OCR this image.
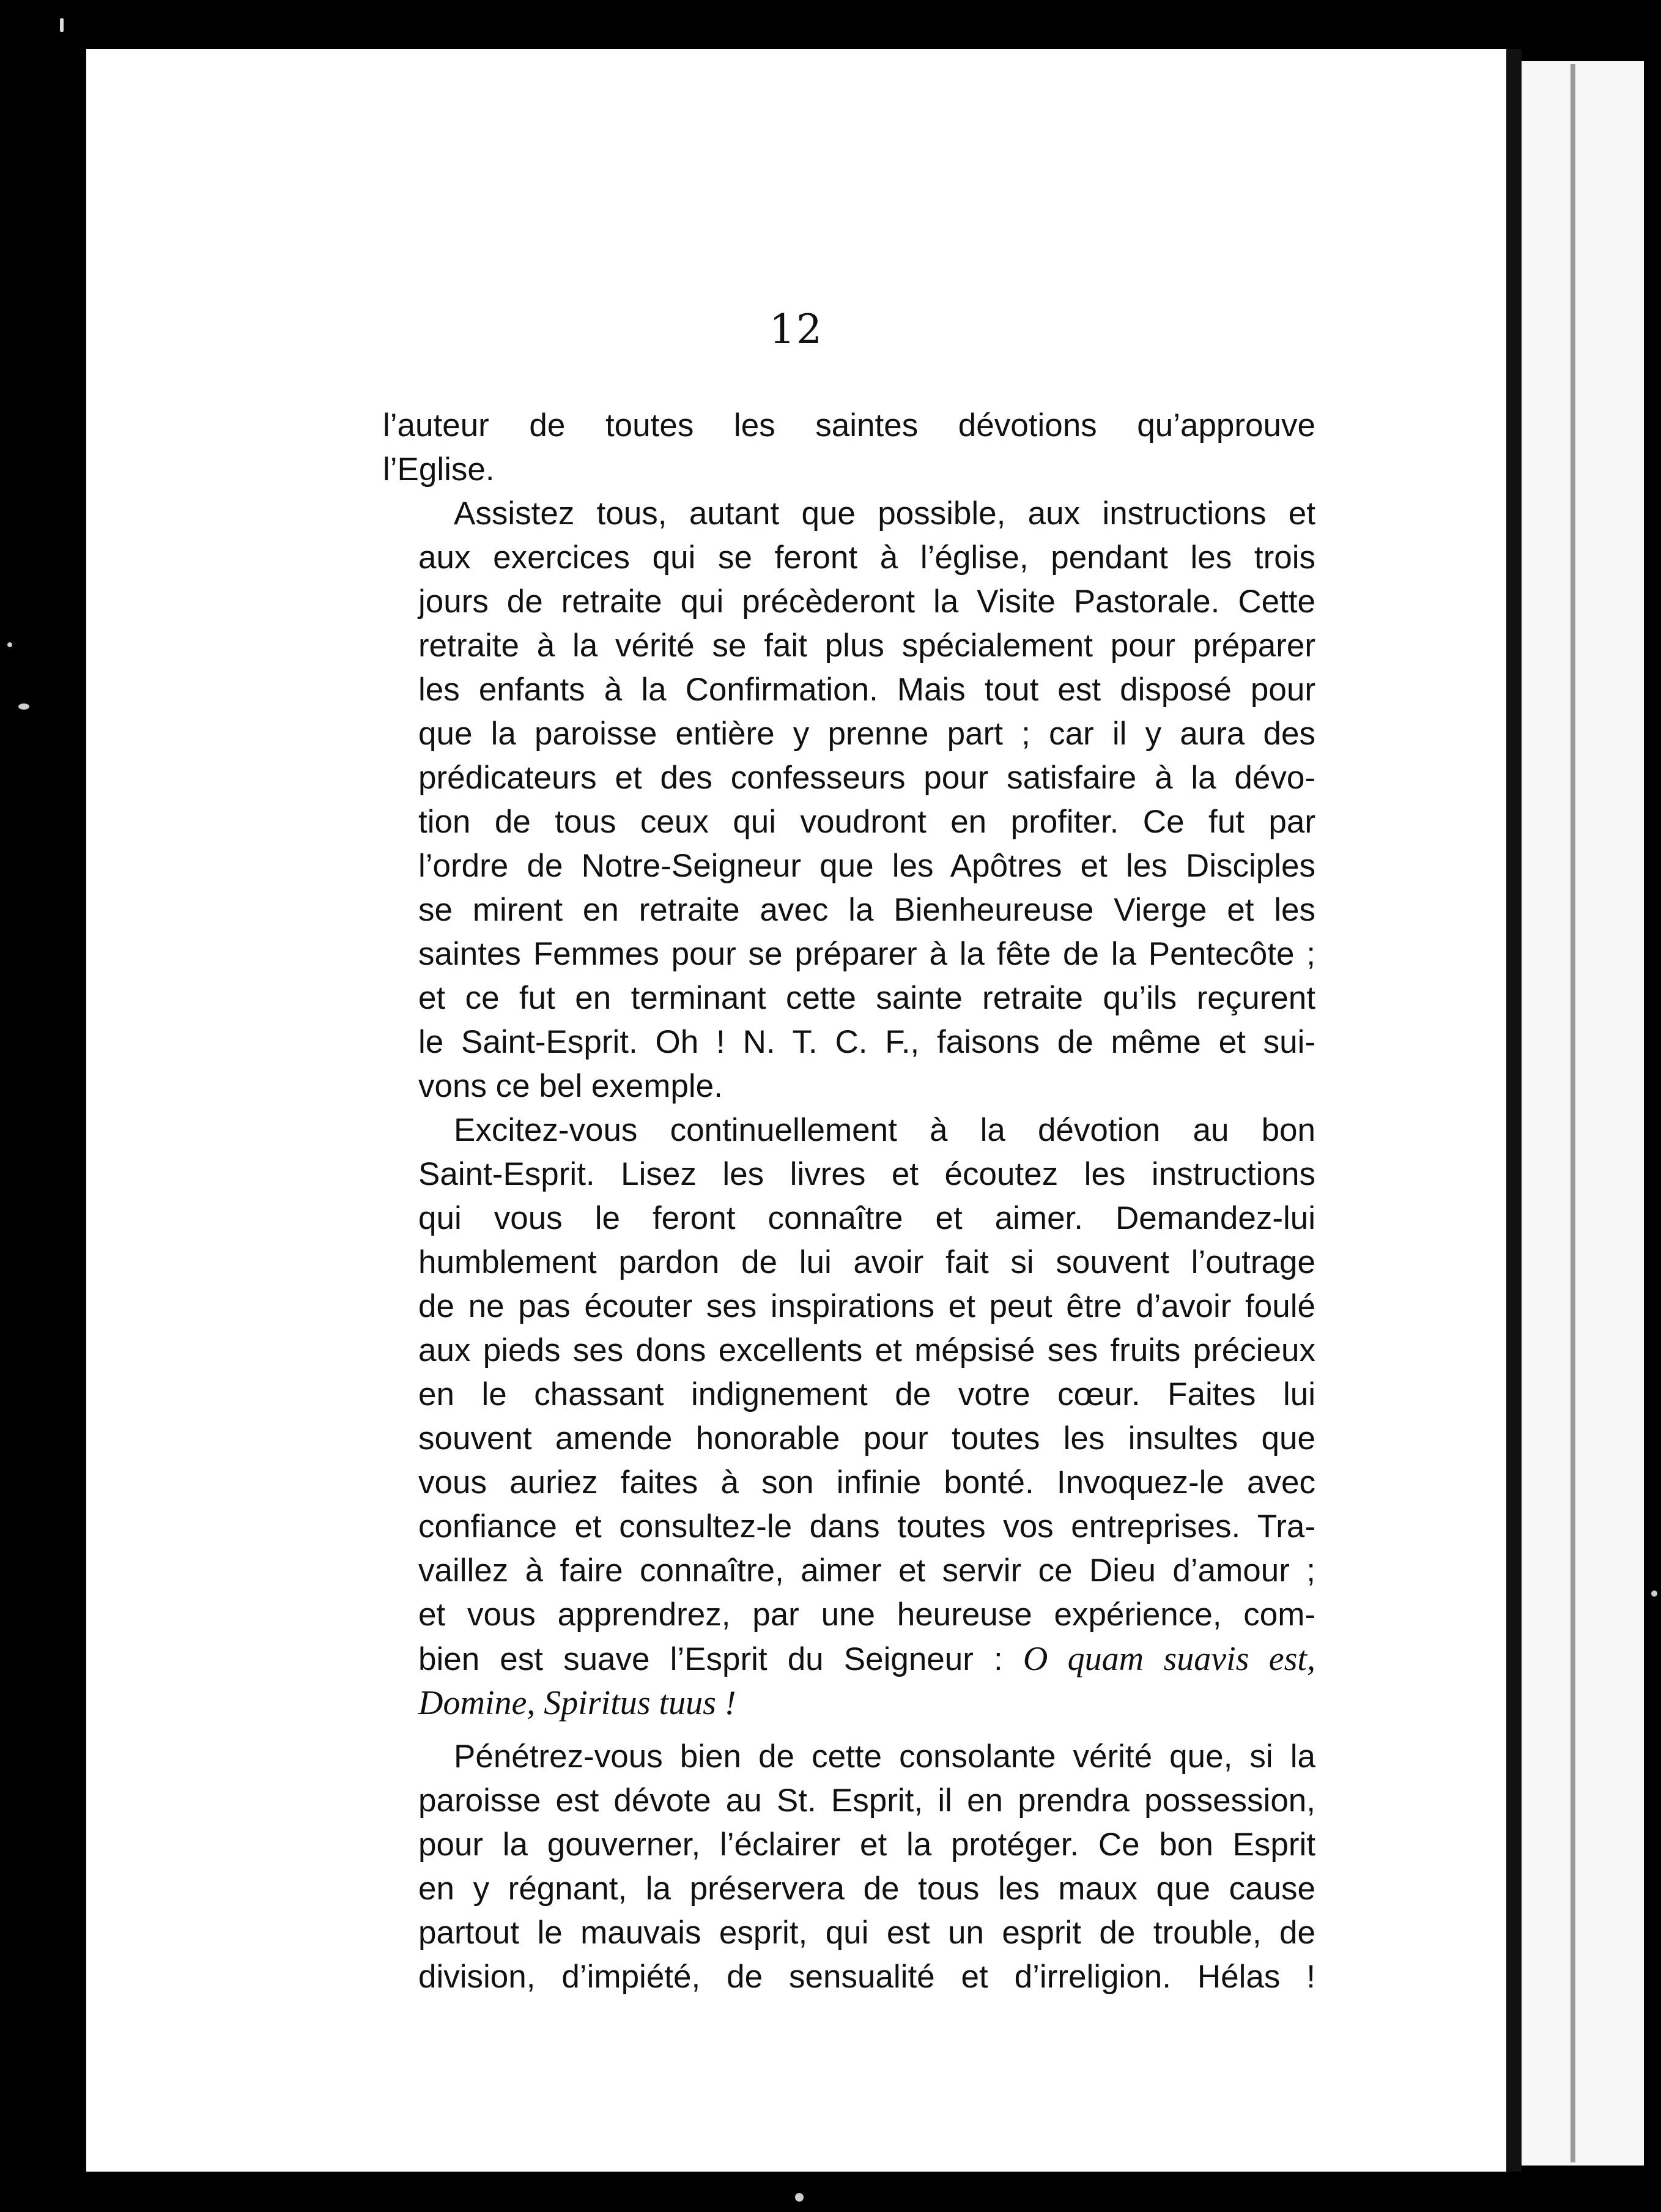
12

l’auteur de toutes les saintes dévotions qu’approuve
l’Eglise.

Assistez tous, autant que possible, aux instructions et
aux exercices qui se feront à l’église, pendant les trois
jours de retraite qui précèderont la Visite Pastorale. Cette
retraite à la vérité se fait plus spécialement pour préparer
les enfants à la Confirmation. Mais tout est disposé pour
que la paroisse entière y prenne part ; car il y aura des
prédicateurs et des confesseurs pour satisfaire à la dévo-
tion de tous ceux qui voudront en profiter. Ce fut par
l’ordre de Notre-Seigneur que les Apôtres et les Disciples
se mirent en retraite avec la Bienheureuse Vierge et les
saintes Femmes pour se préparer à la fête de la Pentecôte ;
et ce fut en terminant cette sainte retraite qu’ils reçurent
le Saint-Esprit. Oh ! N. T. C. F., faisons de même et sui-
vons ce bel exemple.

Excitez-vous continuellement à la dévotion au bon
Saint-Esprit. Lisez les livres et écoutez les instructions
qui vous le feront connaître et aimer. Demandez-lui
humblement pardon de lui avoir fait si souvent l’outrage
de ne pas écouter ses inspirations et peut être d’avoir foulé
aux pieds ses dons excellents et mépsisé ses fruits précieux
en le chassant indignement de votre cœur. Faites lui
souvent amende honorable pour toutes les insultes que
vous auriez faites à son infinie bonté. Invoquez-le avec
confiance et consultez-le dans toutes vos entreprises. Tra-
vaillez à faire connaître, aimer et servir ce Dieu d’amour ;
et vous apprendrez, par une heureuse expérience, com-
bien est suave l’Esprit du Seigneur : O quam suavis est,
Domine, Spiritus tuus !

Pénétrez-vous bien de cette consolante vérité que, si la
paroisse est dévote au St. Esprit, il en prendra possession,
pour la gouverner, l’éclairer et la protéger. Ce bon Esprit
en y régnant, la préservera de tous les maux que cause
partout le mauvais esprit, qui est un esprit de trouble, de
division, d’impiété, de sensualité et d’irreligion. Hélas !
